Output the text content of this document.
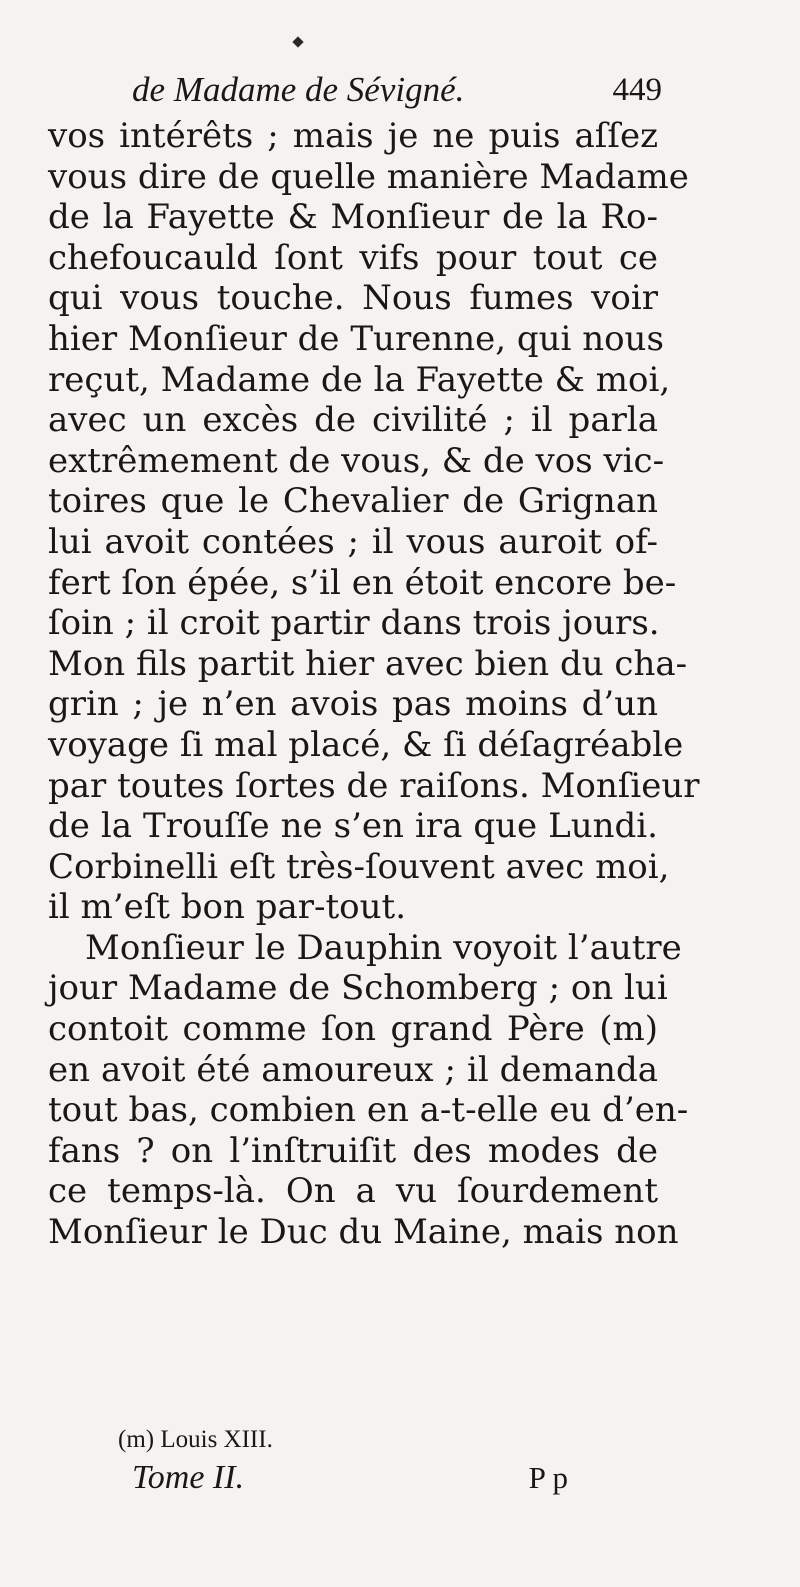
de Madame de Sévigné.	449
vos intérêts ; mais je ne puis aſſez
vous dire de quelle manière Madame
de la Fayette & Monſieur de la Ro-
chefoucauld ſont vifs pour tout ce
qui vous touche. Nous fumes voir
hier Monſieur de Turenne, qui nous
reçut, Madame de la Fayette & moi,
avec un excès de civilité ; il parla
extrêmement de vous, & de vos vic-
toires que le Chevalier de Grignan
lui avoit contées ; il vous auroit of-
fert ſon épée, s’il en étoit encore be-
ſoin ; il croit partir dans trois jours.
Mon fils partit hier avec bien du cha-
grin ; je n’en avois pas moins d’un
voyage ſi mal placé, & ſi déſagréable
par toutes ſortes de raiſons. Monſieur
de la Trouſſe ne s’en ira que Lundi.
Corbinelli eſt très-ſouvent avec moi,
il m’eſt bon par-tout.
Monſieur le Dauphin voyoit l’autre
jour Madame de Schomberg ; on lui
contoit comme ſon grand Père (m)
en avoit été amoureux ; il demanda
tout bas, combien en a-t-elle eu d’en-
fans ? on l’inſtruiſit des modes de
ce temps-là. On a vu ſourdement
Monſieur le Duc du Maine, mais non
(m) Louis XIII.
Tome II.	P p
